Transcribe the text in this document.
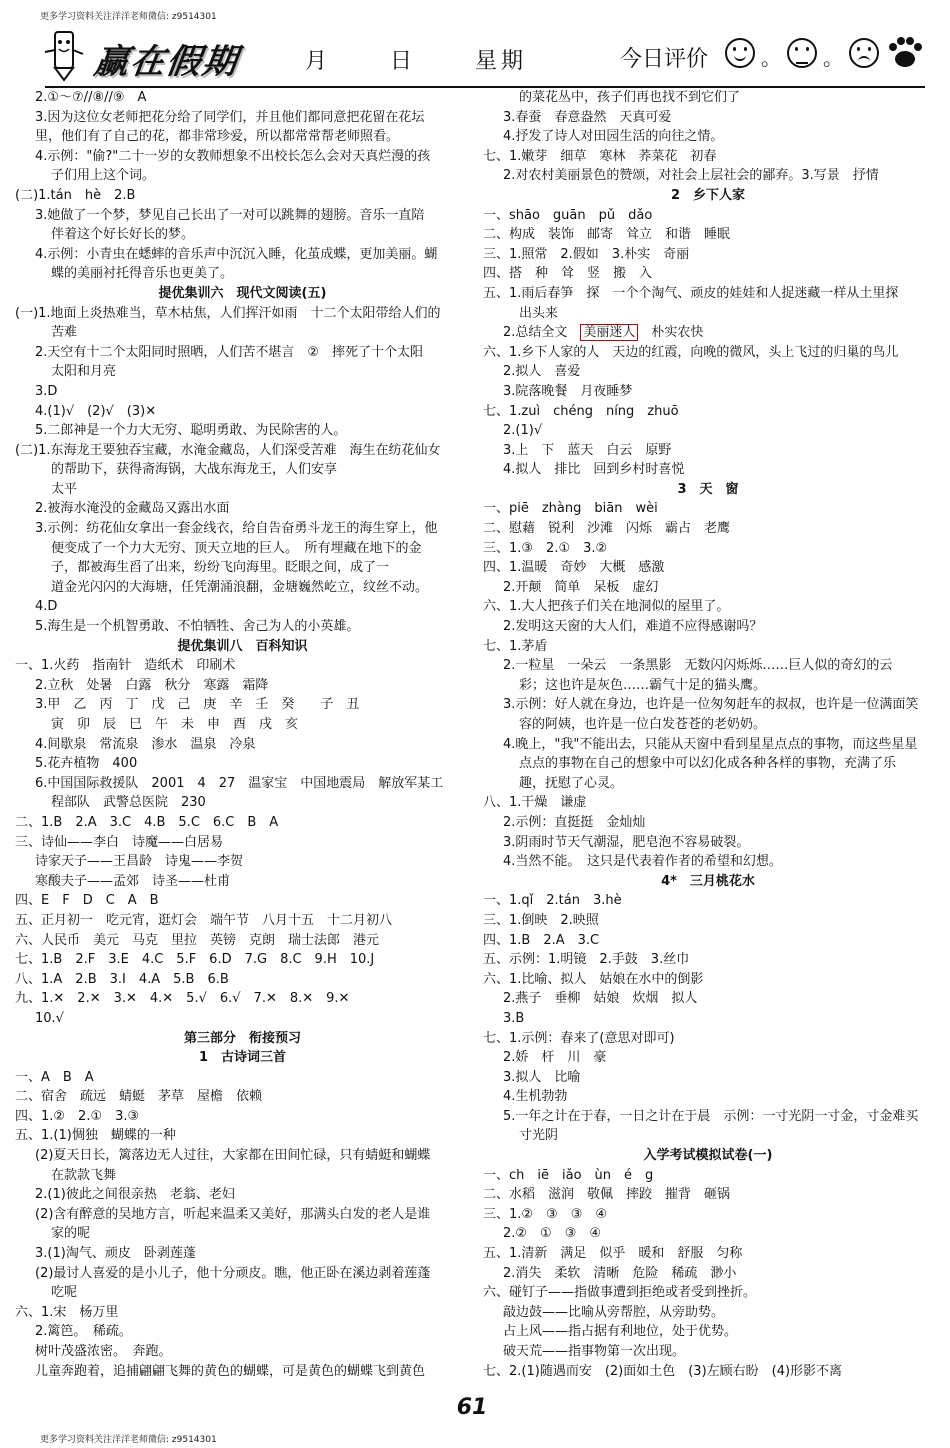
更多学习资料关注洋洋老师微信: z9514301
赢在假期	月	日	星期	今日评价	。 。
2.①～⑦//⑧//⑨　A
3.因为这位女老师把花分给了同学们，并且他们都同意把花留在花坛
里，他们有了自己的花，都非常珍爱，所以都常常帮老师照看。
4.示例："偷?"二十一岁的女教师想象不出校长怎么会对天真烂漫的孩
子们用上这个词。
(二)1.tán　hè　2.B
3.她做了一个梦，梦见自己长出了一对可以跳舞的翅膀。音乐一直陪
伴着这个好长好长的梦。
4.示例：小青虫在蟋蟀的音乐声中沉沉入睡，化茧成蝶，更加美丽。蝴
蝶的美丽衬托得音乐也更美了。
提优集训六　现代文阅读(五)
(一)1.地面上炎热难当，草木枯焦，人们挥汗如雨　十二个太阳带给人们的
苦难
2.天空有十二个太阳同时照晒，人们苦不堪言　②　摔死了十个太阳
太阳和月亮
3.D
4.(1)√　(2)√　(3)✕
5.二郎神是一个力大无穷、聪明勇敢、为民除害的人。
(二)1.东海龙王要独吞宝藏，水淹金藏岛，人们深受苦难　海生在纺花仙女
的帮助下，获得斋海锅，大战东海龙王，人们安享
太平
2.被海水淹没的金藏岛又露出水面
3.示例：纺花仙女拿出一套金线衣，给自告奋勇斗龙王的海生穿上，他
便变成了一个力大无穷、顶天立地的巨人。　所有埋藏在地下的金
子，都被海生舀了出来，纷纷飞向海里。眨眼之间，成了一
道金光闪闪的大海塘，任凭潮涌浪翻，金塘巍然屹立，纹丝不动。
4.D
5.海生是一个机智勇敢、不怕牺牲、舍己为人的小英雄。
提优集训八　百科知识
一、1.火药　指南针　造纸术　印刷术
2.立秋　处暑　白露　秋分　寒露　霜降
3.甲　乙　丙　丁　戊　己　庚　辛　壬　癸　　子　丑
寅　卯　辰　巳　午　未　申　酉　戌　亥
4.间歇泉　常流泉　渗水　温泉　冷泉
5.花卉植物　400
6.中国国际救援队　2001　4　27　温家宝　中国地震局　解放军某工
程部队　武警总医院　230
二、1.B　2.A　3.C　4.B　5.C　6.C　B　A
三、诗仙——李白　诗魔——白居易
诗家天子——王昌龄　诗鬼——李贺
寒酸夫子——孟郊　诗圣——杜甫
四、E　F　D　C　A　B
五、正月初一　吃元宵，逛灯会　端午节　八月十五　十二月初八
六、人民币　美元　马克　里拉　英镑　克朗　瑞士法郎　港元
七、1.B　2.F　3.E　4.C　5.F　6.D　7.G　8.C　9.H　10.J
八、1.A　2.B　3.I　4.A　5.B　6.B
九、1.✕　2.✕　3.✕　4.✕　5.√　6.√　7.✕　8.✕　9.✕
10.√
第三部分　衔接预习
1　古诗词三首
一、A　B　A
二、宿舍　疏远　蜻蜓　茅草　屋檐　依赖
四、1.②　2.①　3.③
五、1.(1)惆独　蝴蝶的一种
(2)夏天日长，篱落边无人过往，大家都在田间忙碌，只有蜻蜓和蝴蝶
在款款飞舞
2.(1)彼此之间很亲热　老翁、老妇
(2)含有醉意的吴地方言，听起来温柔又美好，那满头白发的老人是谁
家的呢
3.(1)淘气、顽皮　卧剥莲蓬
(2)最讨人喜爱的是小儿子，他十分顽皮。瞧，他正卧在溪边剥着莲蓬
吃呢
六、1.宋　杨万里
2.篱笆。　稀疏。
树叶茂盛浓密。　奔跑。
儿童奔跑着，追捕翩翩飞舞的黄色的蝴蝶，可是黄色的蝴蝶飞到黄色
的菜花丛中，孩子们再也找不到它们了
3.春蚕　春意盎然　天真可爱
4.抒发了诗人对田园生活的向往之情。
七、1.嫩芽　细草　寒林　荞菜花　初春
2.对农村美丽景色的赞颂，对社会上层社会的鄙弃。3.写景　抒情
2　乡下人家
一、shāo　guān　pǔ　dǎo
二、构成　装饰　邮寄　耸立　和谐　睡眠
三、1.照常　2.假如　3.朴实　奇丽
四、搭　种　耸　竖　搬　入
五、1.雨后春笋　探　一个个淘气、顽皮的娃娃和人捉迷藏一样从土里探
出头来
2.总结全文　美丽迷人　朴实农快
六、1.乡下人家的人　天边的红霞，向晚的微风，头上飞过的归巢的鸟儿
2.拟人　喜爱
3.院落晚餐　月夜睡梦
七、1.zuì　chéng　níng　zhuō
2.(1)√
3.上　下　蓝天　白云　原野
4.拟人　排比　回到乡村时喜悦
3　天　窗
一、piē　zhàng　biān　wèi
二、慰藉　锐利　沙滩　闪烁　霸占　老鹰
三、1.③　2.①　3.②
四、1.温暖　奇妙　大概　感激
2.开颠　简单　呆板　虚幻
六、1.大人把孩子们关在地洞似的屋里了。
2.发明这天窗的大人们，难道不应得感谢吗？
七、1.茅盾
2.一粒星　一朵云　一条黑影　无数闪闪烁烁……巨人似的奇幻的云
彩；这也许是灰色……霸气十足的猫头鹰。
3.示例：好人就在身边，也许是一位匆匆赶车的叔叔，也许是一位满面笑
容的阿姨，也许是一位白发苍苍的老奶奶。
4.晚上，"我"不能出去，只能从天窗中看到星星点点的事物，而这些星星
点点的事物在自己的想象中可以幻化成各种各样的事物，充满了乐
趣，抚慰了心灵。
八、1.干燥　谦虚
2.示例：直挺挺　金灿灿
3.阴雨时节天气潮湿，肥皂泡不容易破裂。
4.当然不能。　这只是代表着作者的希望和幻想。
4*　三月桃花水
一、1.qǐ　2.tán　3.hè
三、1.倒映　2.映照
四、1.B　2.A　3.C
五、示例：1.明镜　2.手鼓　3.丝巾
六、1.比喻、拟人　姑娘在水中的倒影
2.燕子　垂柳　姑娘　炊烟　拟人
3.B
七、1.示例：春来了(意思对即可)
2.娇　杆　川　豪
3.拟人　比喻
4.生机勃勃
5.一年之计在于春，一日之计在于晨　示例：一寸光阴一寸金，寸金难买
寸光阴
入学考试模拟试卷(一)
一、ch　iē　iǎo　ùn　é　g
二、水稻　滋润　敬佩　摔跤　摧背　砸锅
三、1.②　③　③　④
2.②　①　③　④
五、1.清新　满足　似乎　暖和　舒服　匀称
2.消失　柔软　清晰　危险　稀疏　渺小
六、碰钉子——指做事遭到拒绝或者受到挫折。
敲边鼓——比喻从旁帮腔，从旁助势。
占上风——指占据有利地位，处于优势。
破天荒——指事物第一次出现。
七、2.(1)随遇而安　(2)面如土色　(3)左顾右盼　(4)形影不离
61
更多学习资料关注洋洋老师微信: z9514301
